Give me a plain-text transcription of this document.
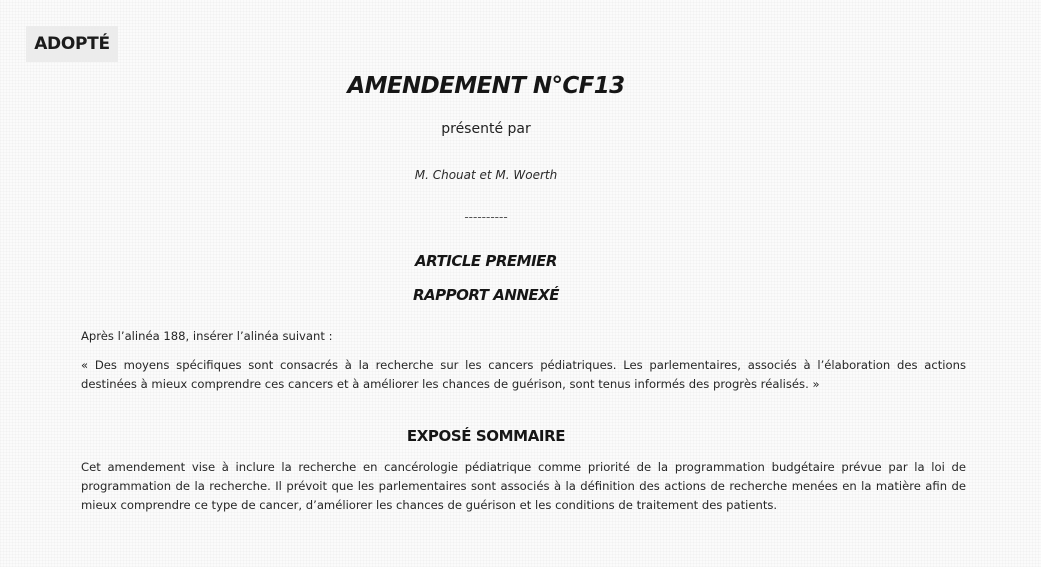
ADOPTÉ
AMENDEMENT N°CF13
présenté par
M. Chouat et M. Woerth
----------
ARTICLE PREMIER
RAPPORT ANNEXÉ
Après l’alinéa 188, insérer l’alinéa suivant :
« Des moyens spécifiques sont consacrés à la recherche sur les cancers pédiatriques. Les parlementaires, associés à l’élaboration des actions destinées à mieux comprendre ces cancers et à améliorer les chances de guérison, sont tenus informés des progrès réalisés. »
EXPOSÉ SOMMAIRE
Cet amendement vise à inclure la recherche en cancérologie pédiatrique comme priorité de la programmation budgétaire prévue par la loi de programmation de la recherche. Il prévoit que les parlementaires sont associés à la définition des actions de recherche menées en la matière afin de mieux comprendre ce type de cancer, d’améliorer les chances de guérison et les conditions de traitement des patients.
